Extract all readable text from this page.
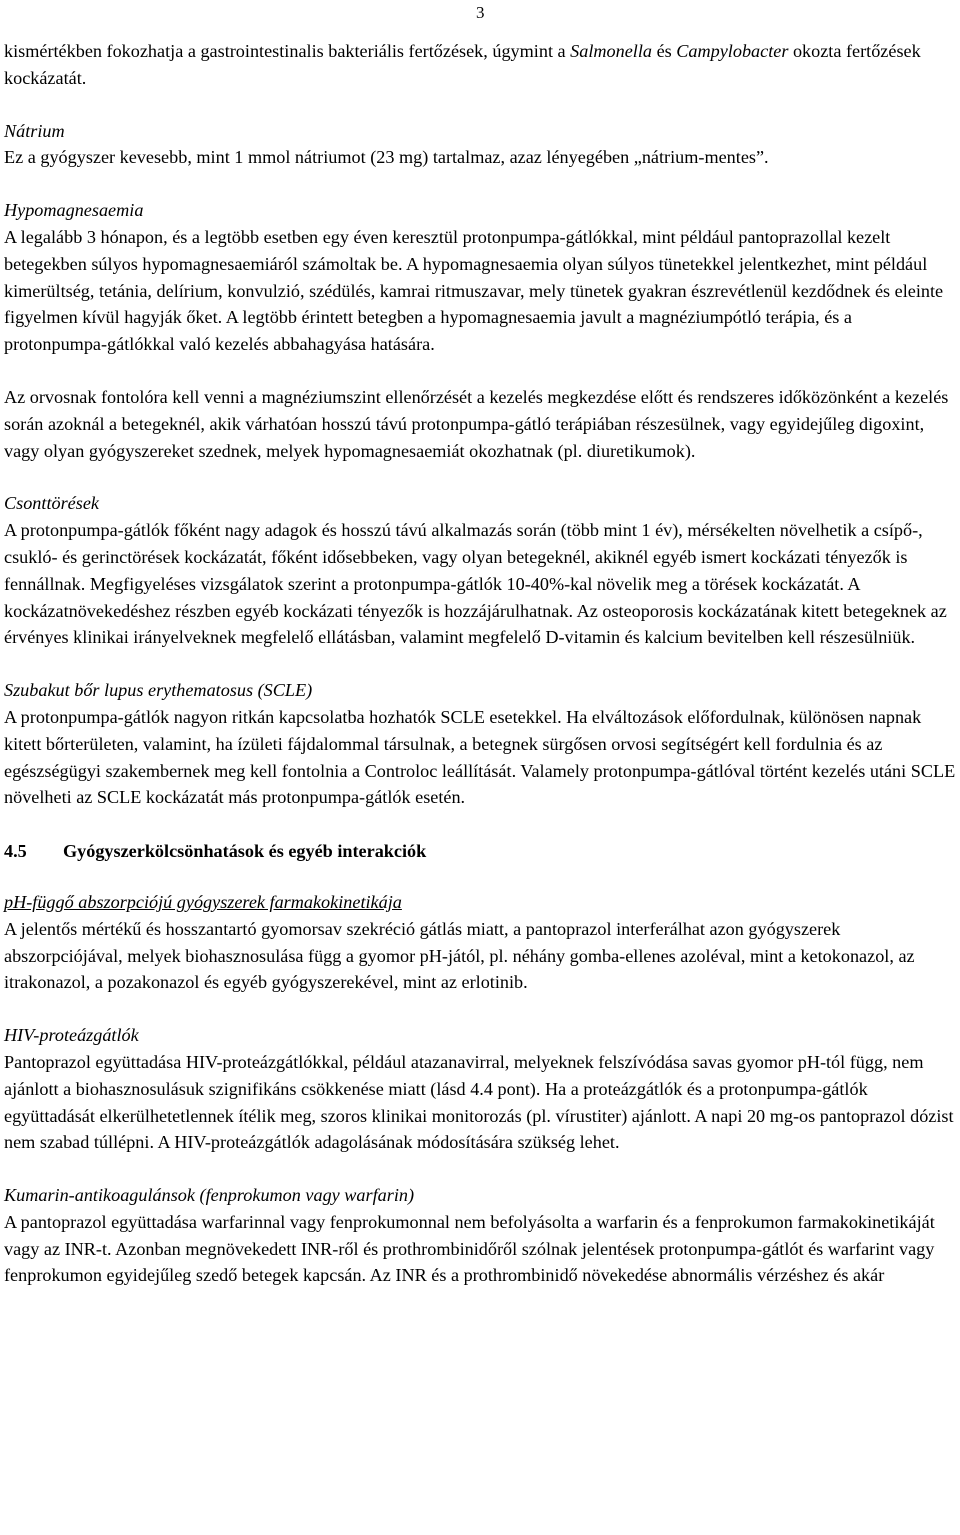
3

kismértékben fokozhatja a gastrointestinalis bakteriális fertőzések, úgymint a Salmonella és Campylobacter okozta fertőzések kockázatát.

Nátrium

Ez a gyógyszer kevesebb, mint 1 mmol nátriumot (23 mg) tartalmaz, azaz lényegében „nátrium-mentes”.

Hypomagnesaemia

A legalább 3 hónapon, és a legtöbb esetben egy éven keresztül protonpumpa-gátlókkal, mint például pantoprazollal kezelt betegekben súlyos hypomagnesaemiáról számoltak be. A hypomagnesaemia olyan súlyos tünetekkel jelentkezhet, mint például kimerültség, tetánia, delírium, konvulzió, szédülés, kamrai ritmuszavar, mely tünetek gyakran észrevétlenül kezdődnek és eleinte figyelmen kívül hagyják őket. A legtöbb érintett betegben a hypomagnesaemia javult a magnéziumpótló terápia, és a protonpumpa-gátlókkal való kezelés abbahagyása hatására.

Az orvosnak fontolóra kell venni a magnéziumszint ellenőrzését a kezelés megkezdése előtt és rendszeres időközönként a kezelés során azoknál a betegeknél, akik várhatóan hosszú távú protonpumpa-gátló terápiában részesülnek, vagy egyidejűleg digoxint, vagy olyan gyógyszereket szednek, melyek hypomagnesaemiát okozhatnak (pl. diuretikumok).

Csonttörések

A protonpumpa-gátlók főként nagy adagok és hosszú távú alkalmazás során (több mint 1 év), mérsékelten növelhetik a csípő-, csukló- és gerinctörések kockázatát, főként idősebbeken, vagy olyan betegeknél, akiknél egyéb ismert kockázati tényezők is fennállnak. Megfigyeléses vizsgálatok szerint a protonpumpa-gátlók 10-40%-kal növelik meg a törések kockázatát. A kockázatnövekedéshez részben egyéb kockázati tényezők is hozzájárulhatnak. Az osteoporosis kockázatának kitett betegeknek az érvényes klinikai irányelveknek megfelelő ellátásban, valamint megfelelő D-vitamin és kalcium bevitelben kell részesülniük.

Szubakut bőr lupus erythematosus (SCLE)

A protonpumpa-gátlók nagyon ritkán kapcsolatba hozhatók SCLE esetekkel. Ha elváltozások előfordulnak, különösen napnak kitett bőrterületen, valamint, ha ízületi fájdalommal társulnak, a betegnek sürgősen orvosi segítségért kell fordulnia és az egészségügyi szakembernek meg kell fontolnia a Controloc leállítását. Valamely protonpumpa-gátlóval történt kezelés utáni SCLE növelheti az SCLE kockázatát más protonpumpa-gátlók esetén.

4.5 Gyógyszerkölcsönhatások és egyéb interakciók

pH-függő abszorpciójú gyógyszerek farmakokinetikája

A jelentős mértékű és hosszantartó gyomorsav szekréció gátlás miatt, a pantoprazol interferálhat azon gyógyszerek abszorpciójával, melyek biohasznosulása függ a gyomor pH-jától, pl. néhány gomba-ellenes azoléval, mint a ketokonazol, az itrakonazol, a pozakonazol és egyéb gyógyszerekével, mint az erlotinib.

HIV-proteázgátlók

Pantoprazol együttadása HIV-proteázgátlókkal, például atazanavirral, melyeknek felszívódása savas gyomor pH-tól függ, nem ajánlott a biohasznosulásuk szignifikáns csökkenése miatt (lásd 4.4 pont). Ha a proteázgátlók és a protonpumpa-gátlók együttadását elkerülhetetlennek ítélik meg, szoros klinikai monitorozás (pl. vírustiter) ajánlott. A napi 20 mg-os pantoprazol dózist nem szabad túllépni. A HIV-proteázgátlók adagolásának módosítására szükség lehet.

Kumarin-antikoagulánsok (fenprokumon vagy warfarin)

A pantoprazol együttadása warfarinnal vagy fenprokumonnal nem befolyásolta a warfarin és a fenprokumon farmakokinetikáját vagy az INR-t. Azonban megnövekedett INR-ről és prothrombinidőről szólnak jelentések protonpumpa-gátlót és warfarint vagy fenprokumon egyidejűleg szedő betegek kapcsán. Az INR és a prothrombinidő növekedése abnormális vérzéshez és akár
